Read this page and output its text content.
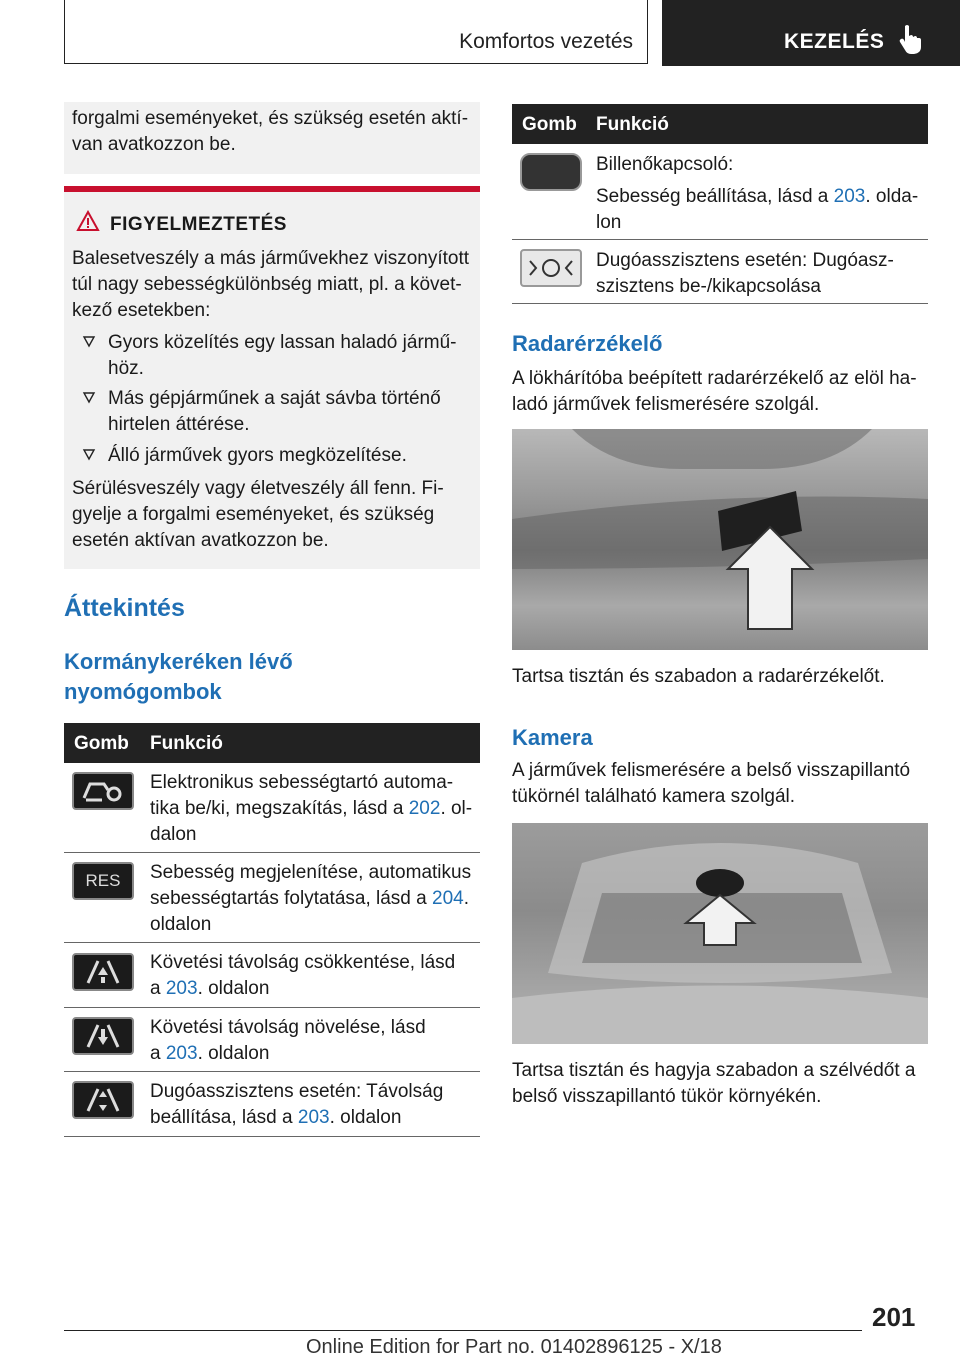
Komfortos vezetés	KEZELÉS
forgalmi eseményeket, és szükség esetén aktí-
van avatkozzon be.
FIGYELMEZTETÉS
Balesetveszély a más járművekhez viszonyított
túl nagy sebességkülönbség miatt, pl. a követ-
kező esetekben:
Gyors közelítés egy lassan haladó jármű-
höz.
Más gépjárműnek a saját sávba történő
hirtelen áttérése.
Álló járművek gyors megközelítése.
Sérülésveszély vagy életveszély áll fenn. Fi-
gyelje a forgalmi eseményeket, és szükség
esetén aktívan avatkozzon be.
Áttekintés
Kormánykeréken lévő
nyomógombok
Gomb Funkció
Elektronikus sebességtartó automa-
tika be/ki, megszakítás, lásd a 202. ol-
dalon
RES	Sebesség megjelenítése, automatikus
sebességtartás folytatása, lásd a 204.
oldalon
Követési távolság csökkentése, lásd
a 203. oldalon
Követési távolság növelése, lásd
a 203. oldalon
Dugóasszisztens esetén: Távolság
beállítása, lásd a 203. oldalon
Gomb Funkció
Billenőkapcsoló:
Sebesség beállítása, lásd a 203. olda-
lon
Dugóasszisztens esetén: Dugóasz-
szisztens be-/kikapcsolása
Radarérzékelő
A lökhárítóba beépített radarérzékelő az elöl ha-
ladó járművek felismerésére szolgál.
Tartsa tisztán és szabadon a radarérzékelőt.
Kamera
A járművek felismerésére a belső visszapillantó
tükörnél található kamera szolgál.
Tartsa tisztán és hagyja szabadon a szélvédőt a
belső visszapillantó tükör környékén.
201
Online Edition for Part no. 01402896125 - X/18
